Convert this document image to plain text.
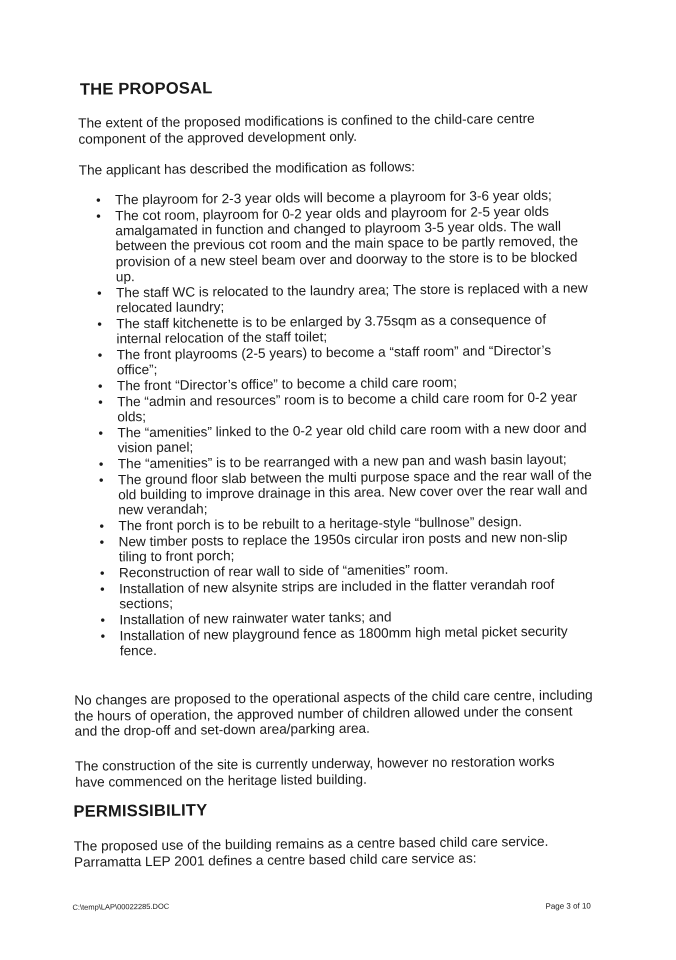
THE PROPOSAL

The extent of the proposed modifications is confined to the child-care centre component of the approved development only.

The applicant has described the modification as follows:

• The playroom for 2-3 year olds will become a playroom for 3-6 year olds;
• The cot room, playroom for 0-2 year olds and playroom for 2-5 year olds amalgamated in function and changed to playroom 3-5 year olds. The wall between the previous cot room and the main space to be partly removed, the provision of a new steel beam over and doorway to the store is to be blocked up.
• The staff WC is relocated to the laundry area; The store is replaced with a new relocated laundry;
• The staff kitchenette is to be enlarged by 3.75sqm as a consequence of internal relocation of the staff toilet;
• The front playrooms (2-5 years) to become a “staff room” and “Director’s office”;
• The front “Director’s office” to become a child care room;
• The “admin and resources” room is to become a child care room for 0-2 year olds;
• The “amenities” linked to the 0-2 year old child care room with a new door and vision panel;
• The “amenities” is to be rearranged with a new pan and wash basin layout;
• The ground floor slab between the multi purpose space and the rear wall of the old building to improve drainage in this area. New cover over the rear wall and new verandah;
• The front porch is to be rebuilt to a heritage-style “bullnose” design.
• New timber posts to replace the 1950s circular iron posts and new non-slip tiling to front porch;
• Reconstruction of rear wall to side of “amenities” room.
• Installation of new alsynite strips are included in the flatter verandah roof sections;
• Installation of new rainwater water tanks; and
• Installation of new playground fence as 1800mm high metal picket security fence.

No changes are proposed to the operational aspects of the child care centre, including the hours of operation, the approved number of children allowed under the consent and the drop-off and set-down area/parking area.

The construction of the site is currently underway, however no restoration works have commenced on the heritage listed building.

PERMISSIBILITY

The proposed use of the building remains as a centre based child care service. Parramatta LEP 2001 defines a centre based child care service as:

C:\temp\LAP\00022285.DOC	Page 3 of 10
